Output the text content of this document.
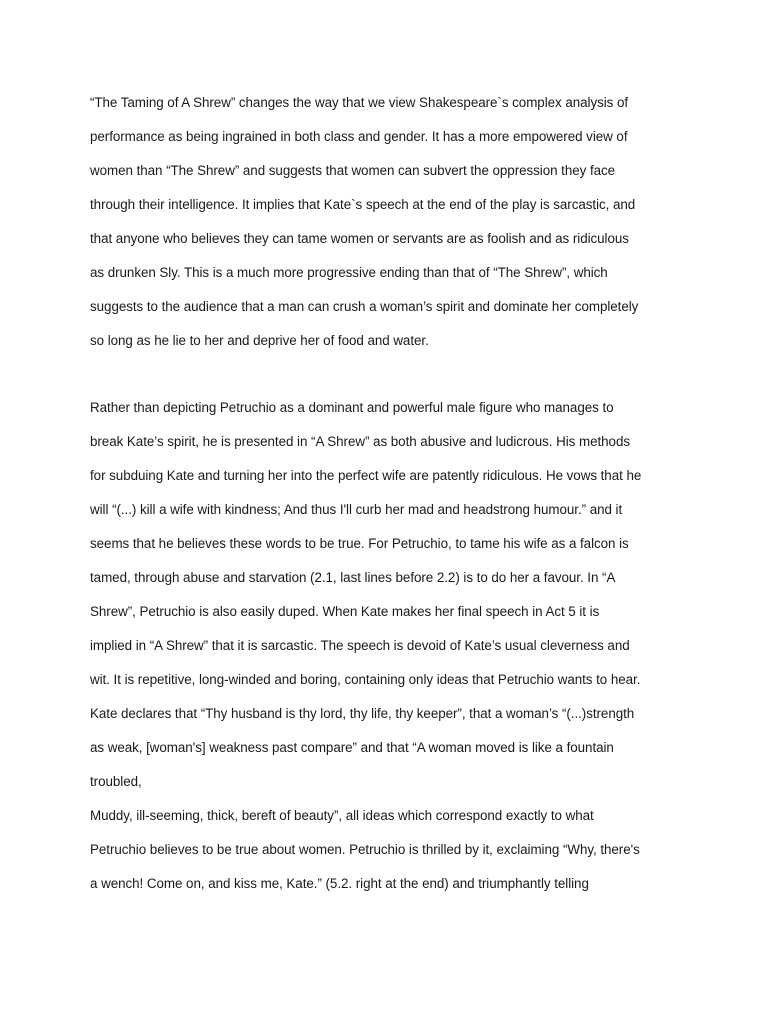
“The Taming of A Shrew” changes the way that we view Shakespeare`s complex analysis of
performance as being ingrained in both class and gender. It has a more empowered view of
women than “The Shrew” and suggests that women can subvert the oppression they face
through their intelligence. It implies that Kate`s speech at the end of the play is sarcastic, and
that anyone who believes they can tame women or servants are as foolish and as ridiculous
as drunken Sly. This is a much more progressive ending than that of “The Shrew”, which
suggests to the audience that a man can crush a woman’s spirit and dominate her completely
so long as he lie to her and deprive her of food and water.
Rather than depicting Petruchio as a dominant and powerful male figure who manages to
break Kate’s spirit, he is presented in “A Shrew” as both abusive and ludicrous. His methods
for subduing Kate and turning her into the perfect wife are patently ridiculous. He vows that he
will “(...) kill a wife with kindness; And thus I'll curb her mad and headstrong humour.” and it
seems that he believes these words to be true. For Petruchio, to tame his wife as a falcon is
tamed, through abuse and starvation (2.1, last lines before 2.2) is to do her a favour. In “A
Shrew”, Petruchio is also easily duped. When Kate makes her final speech in Act 5 it is
implied in “A Shrew” that it is sarcastic. The speech is devoid of Kate’s usual cleverness and
wit. It is repetitive, long-winded and boring, containing only ideas that Petruchio wants to hear.
Kate declares that “Thy husband is thy lord, thy life, thy keeper”, that a woman’s “(...)strength
as weak, [woman's] weakness past compare” and that “A woman moved is like a fountain
troubled,
Muddy, ill-seeming, thick, bereft of beauty”, all ideas which correspond exactly to what
Petruchio believes to be true about women. Petruchio is thrilled by it, exclaiming “Why, there's
a wench! Come on, and kiss me, Kate.” (5.2. right at the end) and triumphantly telling
